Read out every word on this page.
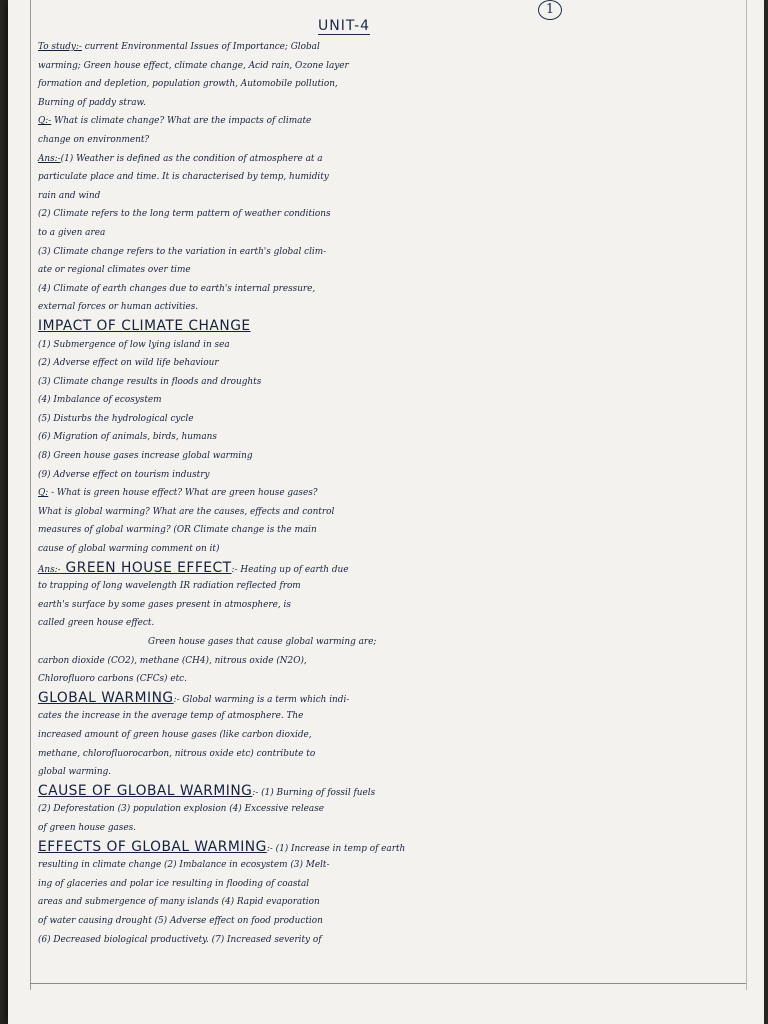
1
UNIT-4
To study:- current Environmental Issues of Importance; Global
warming; Green house effect, climate change, Acid rain, Ozone layer
formation and depletion, population growth, Automobile pollution,
Burning of paddy straw.
Q:- What is climate change? What are the impacts of climate
change on environment?
Ans:-(1) Weather is defined as the condition of atmosphere at a
particulate place and time. It is characterised by temp, humidity
rain and wind
(2) Climate refers to the long term pattern of weather conditions
to a given area
(3) Climate change refers to the variation in earth's global clim-
ate or regional climates over time
(4) Climate of earth changes due to earth's internal pressure,
external forces or human activities.
IMPACT OF CLIMATE CHANGE
(1) Submergence of low lying island in sea
(2) Adverse effect on wild life behaviour
(3) Climate change results in floods and droughts
(4) Imbalance of ecosystem
(5) Disturbs the hydrological cycle
(6) Migration of animals, birds, humans
(8) Green house gases increase global warming
(9) Adverse effect on tourism industry
Q: - What is green house effect? What are green house gases?
What is global warming? What are the causes, effects and control
measures of global warming? (OR Climate change is the main
cause of global warming comment on it)
Ans:- GREEN HOUSE EFFECT:- Heating up of earth due
to trapping of long wavelength IR radiation reflected from
earth's surface by some gases present in atmosphere, is
called green house effect.
Green house gases that cause global warming are;
carbon dioxide (CO2), methane (CH4), nitrous oxide (N2O),
Chlorofluoro carbons (CFCs) etc.
GLOBAL WARMING:- Global warming is a term which indi-
cates the increase in the average temp of atmosphere. The
increased amount of green house gases (like carbon dioxide,
methane, chlorofluorocarbon, nitrous oxide etc) contribute to
global warming.
CAUSE OF GLOBAL WARMING:- (1) Burning of fossil fuels
(2) Deforestation (3) population explosion (4) Excessive release
of green house gases.
EFFECTS OF GLOBAL WARMING:- (1) Increase in temp of earth
resulting in climate change (2) Imbalance in ecosystem (3) Melt-
ing of glaceries and polar ice resulting in flooding of coastal
areas and submergence of many islands (4) Rapid evaporation
of water causing drought (5) Adverse effect on food production
(6) Decreased biological productivety. (7) Increased severity of
